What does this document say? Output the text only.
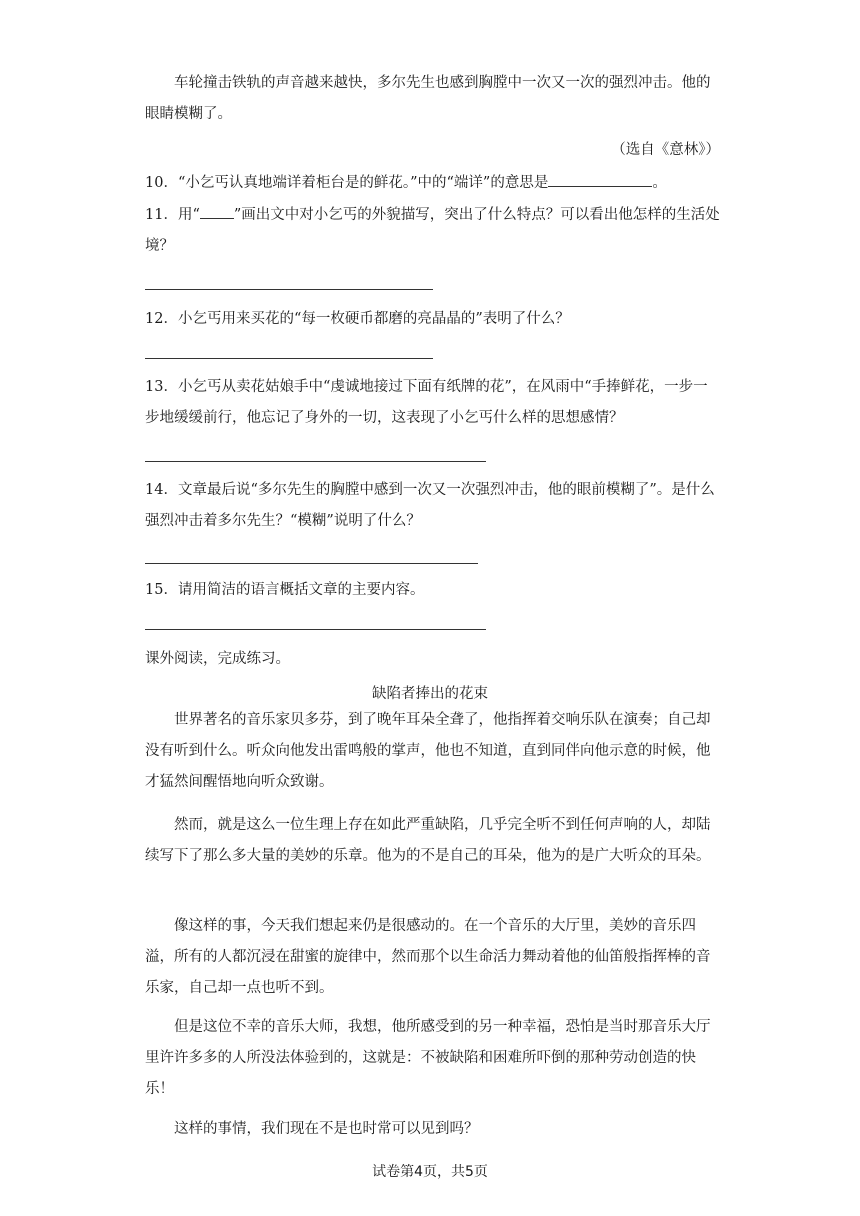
车轮撞击铁轨的声音越来越快，多尔先生也感到胸膛中一次又一次的强烈冲击。他的眼睛模糊了。

（选自《意林》）

10．“小乞丐认真地端详着柜台是的鲜花。”中的“端详”的意思是	。

11．用“ ”画出文中对小乞丐的外貌描写，突出了什么特点？可以看出他怎样的生活处境？

12．小乞丐用来买花的“每一枚硬币都磨的亮晶晶的”表明了什么？

13．小乞丐从卖花姑娘手中“虔诚地接过下面有纸牌的花”，在风雨中“手捧鲜花，一步一步地缓缓前行，他忘记了身外的一切，这表现了小乞丐什么样的思想感情？

14．文章最后说“多尔先生的胸膛中感到一次又一次强烈冲击，他的眼前模糊了”。是什么强烈冲击着多尔先生？“模糊”说明了什么？

15．请用简洁的语言概括文章的主要内容。

课外阅读，完成练习。

缺陷者捧出的花束

世界著名的音乐家贝多芬，到了晚年耳朵全聋了，他指挥着交响乐队在演奏；自己却没有听到什么。听众向他发出雷鸣般的掌声，他也不知道，直到同伴向他示意的时候，他才猛然间醒悟地向听众致谢。

然而，就是这么一位生理上存在如此严重缺陷，几乎完全听不到任何声响的人，却陆续写下了那么多大量的美妙的乐章。他为的不是自己的耳朵，他为的是广大听众的耳朵。

像这样的事，今天我们想起来仍是很感动的。在一个音乐的大厅里，美妙的音乐四溢，所有的人都沉浸在甜蜜的旋律中，然而那个以生命活力舞动着他的仙笛般指挥棒的音乐家，自己却一点也听不到。

但是这位不幸的音乐大师，我想，他所感受到的另一种幸福，恐怕是当时那音乐大厅里许许多多的人所没法体验到的，这就是：不被缺陷和困难所吓倒的那种劳动创造的快乐！

这样的事情，我们现在不是也时常可以见到吗？

试卷第4页，共5页
